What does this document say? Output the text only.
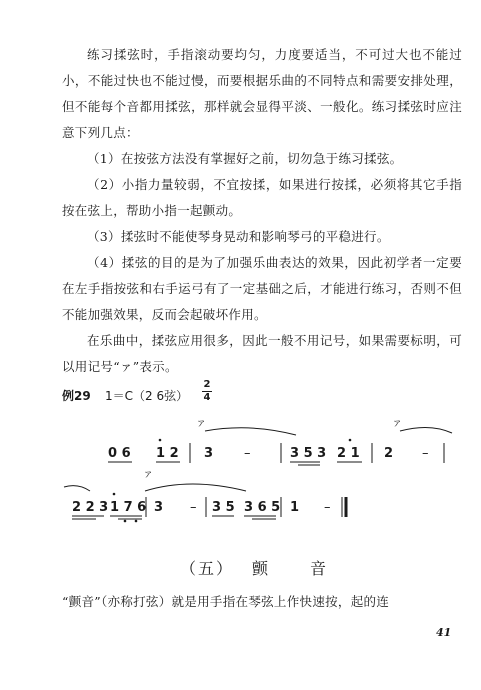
练习揉弦时，手指滚动要均匀，力度要适当，不可过大也不能过小，不能过快也不能过慢，而要根据乐曲的不同特点和需要安排处理，但不能每个音都用揉弦，那样就会显得平淡、一般化。练习揉弦时应注意下列几点：

（1）在按弦方法没有掌握好之前，切勿急于练习揉弦。

（2）小指力量较弱，不宜按揉，如果进行按揉，必须将其它手指按在弦上，帮助小指一起颤动。

（3）揉弦时不能使琴身晃动和影响琴弓的平稳进行。

（4）揉弦的目的是为了加强乐曲表达的效果，因此初学者一定要在左手指按弦和右手运弓有了一定基础之后，才能进行练习，否则不但不能加强效果，反而会起破坏作用。

在乐曲中，揉弦应用很多，因此一般不用记号，如果需要标明，可以用记号“ァ”表示。

例29 1＝C（2 6弦）
2
4
ァ	ァ
0 6 1 2 3 –	3 5 3 2 1 2 –
ァ
2 2 3 1 7 6 3 – 3 5 3 6 5 1 –
（五） 颤	音

“颤音”（亦称打弦）就是用手指在琴弦上作快速按，起的连

41
